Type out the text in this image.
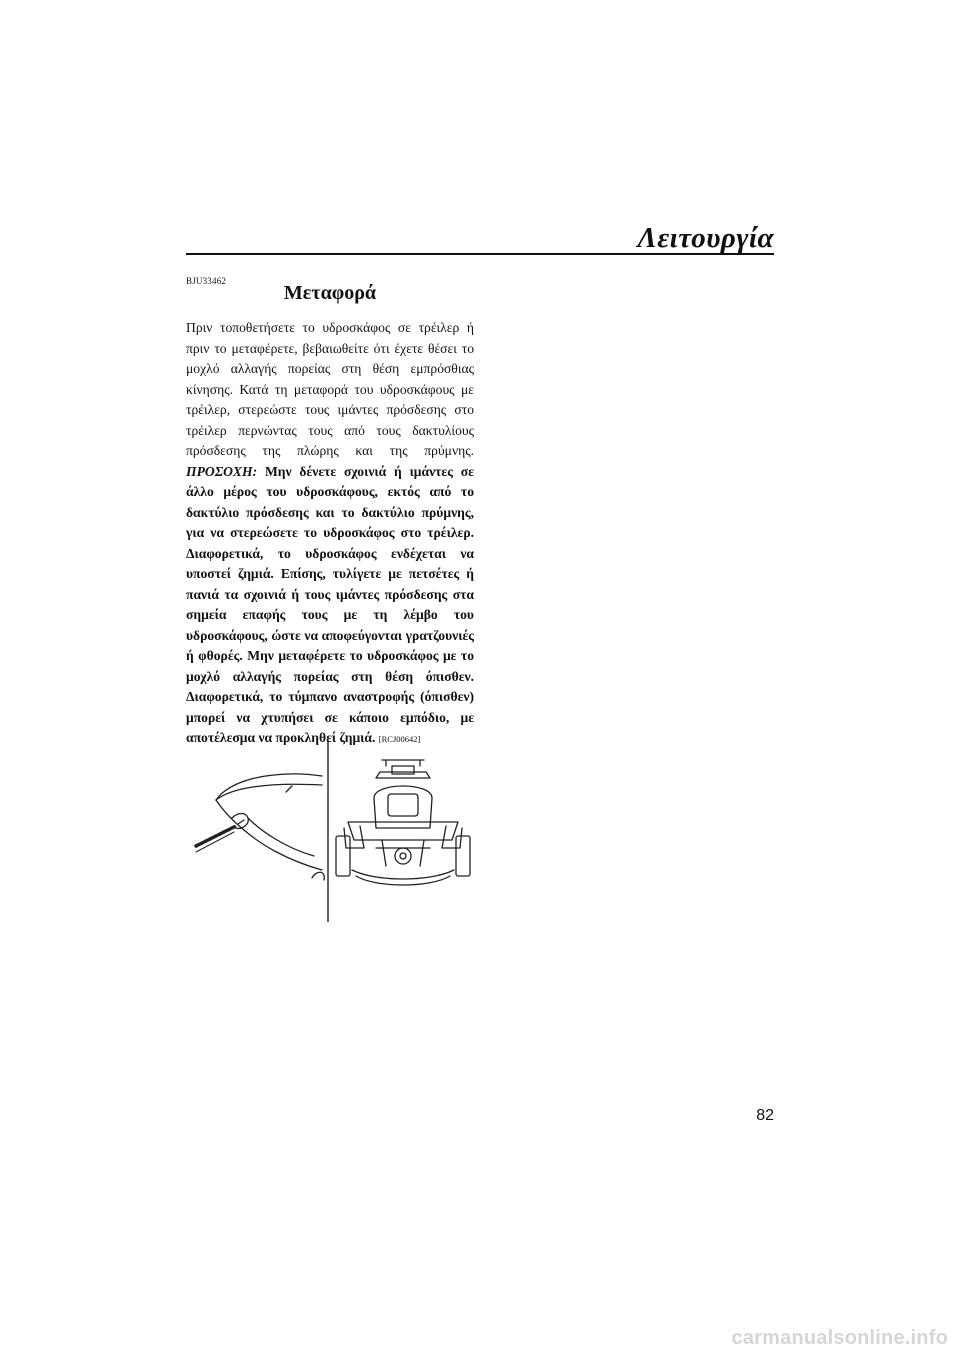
Λειτουργία
BJU33462
Μεταφορά
Πριν τοποθετήσετε το υδροσκάφος σε τρέιλερ ή πριν το μεταφέρετε, βεβαιωθείτε ότι έχετε θέσει το μοχλό αλλαγής πορείας στη θέση εμπρόσθιας κίνησης. Κατά τη μεταφορά του υδροσκάφους με τρέιλερ, στερεώστε τους ιμάντες πρόσδεσης στο τρέιλερ περνώντας τους από τους δακτυλίους πρόσδεσης της πλώρης και της πρύμνης. ΠΡΟΣΟΧΗ: Μην δένετε σχοινιά ή ιμάντες σε άλλο μέρος του υδροσκάφους, εκτός από το δακτύλιο πρόσδεσης και το δακτύλιο πρύμνης, για να στερεώσετε το υδροσκάφος στο τρέιλερ. Διαφορετικά, το υδροσκάφος ενδέχεται να υποστεί ζημιά. Επίσης, τυλίγετε με πετσέτες ή πανιά τα σχοινιά ή τους ιμάντες πρόσδεσης στα σημεία επαφής τους με τη λέμβο του υδροσκάφους, ώστε να αποφεύγονται γρατζουνιές ή φθορές. Μην μεταφέρετε το υδροσκάφος με το μοχλό αλλαγής πορείας στη θέση όπισθεν. Διαφορετικά, το τύμπανο αναστροφής (όπισθεν) μπορεί να χτυπήσει σε κάποιο εμπόδιο, με αποτέλεσμα να προκληθεί ζημιά. [RCJ00642]
82
carmanualsonline.info
